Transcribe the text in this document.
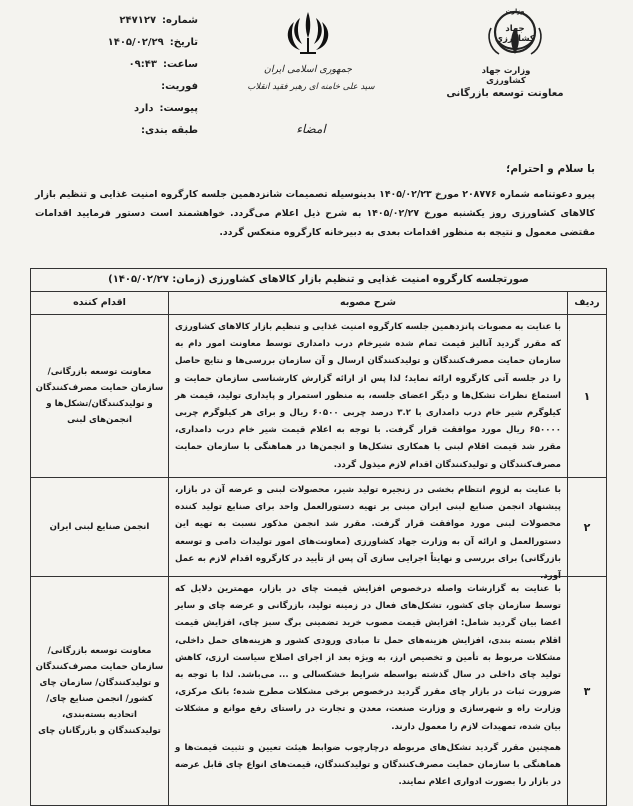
شماره:
۲۴۷۱۲۷
تاریخ:
۱۴۰۵/۰۲/۲۹
ساعت:
۰۹:۴۳
فوریت:
پیوست:
دارد
طبقه بندی:
جمهوری اسلامی ایران
سید علی خامنه ای رهبر فقید انقلاب
امضاء
وزارت
جهاد کشاورزی
وزارت جهاد کشاورزی
معاونت توسعه بازرگانی
با سلام و احترام؛
پیرو دعوتنامه شماره ۲۰۸۷۷۶ مورخ ۱۴۰۵/۰۲/۲۳ بدینوسیله تصمیمات شانزدهمین جلسه کارگروه امنیت غذایی و تنظیم بازار کالاهای کشاورزی روز یکشنبه مورخ ۱۴۰۵/۰۲/۲۷ به شرح ذیل اعلام می‌گردد. خواهشمند است دستور فرمایید اقدامات مقتضی معمول و نتیجه به منظور اقدامات بعدی به دبیرخانه کارگروه منعکس گردد.
صورتجلسه کارگروه امنیت غذایی و تنظیم بازار کالاهای کشاورزی (زمان: ۱۴۰۵/۰۲/۲۷)
ردیف
شرح مصوبه
اقدام کننده
۱
با عنایت به مصوبات پانزدهمین جلسه کارگروه امنیت غذایی و تنظیم بازار کالاهای کشاورزی که مقرر گردید آنالیز قیمت تمام شده شیرخام درب دامداری توسط معاونت امور دام به سازمان حمایت مصرف‌کنندگان و تولیدکنندگان ارسال و آن سازمان بررسی‌ها و نتایج حاصل را در جلسه آتی کارگروه ارائه نماید؛ لذا پس از ارائه گزارش کارشناسی سازمان حمایت و استماع نظرات تشکل‌ها و دیگر اعضای جلسه، به منظور استمرار و پایداری تولید، قیمت هر کیلوگرم شیر خام درب دامداری با ۳.۲ درصد چربی ۶۰۵۰۰ ریال و برای هر کیلوگرم چربی ۶۵۰۰۰۰ ریال مورد موافقت قرار گرفت. با توجه به اعلام قیمت شیر خام درب دامداری، مقرر شد قیمت اقلام لبنی با همکاری تشکل‌ها و انجمن‌ها در هماهنگی با سازمان حمایت مصرف‌کنندگان و تولیدکنندگان اقدام لازم میذول گردد.
معاونت توسعه بازرگانی/سازمان حمایت مصرف‌کنندگان و تولیدکنندگان/تشکل‌ها و انجمن‌های لبنی
۲
با عنایت به لزوم انتظام بخشی در زنجیره تولید شیر، محصولات لبنی و عرضه آن در بازار، پیشنهاد انجمن صنایع لبنی ایران مبنی بر تهیه دستورالعمل واحد برای صنایع تولید کننده محصولات لبنی مورد موافقت قرار گرفت. مقرر شد انجمن مذکور نسبت به تهیه این دستورالعمل و ارائه آن به وزارت جهاد کشاورزی (معاونت‌های امور تولیدات دامی و توسعه بازرگانی) برای بررسی و نهایتاً اجرایی سازی آن پس از تأیید در کارگروه اقدام لازم به عمل آورد.
انجمن صنایع لبنی ایران
۳

با عنایت به گزارشات واصله درخصوص افزایش قیمت چای در بازار، مهمترین دلایل که توسط سازمان چای کشور، تشکل‌های فعال در زمینه تولید، بازرگانی و عرضه چای و سایر اعضا بیان گردید شامل: افزایش قیمت مصوب خرید تضمینی برگ سبز چای، افزایش قیمت اقلام بسته بندی، افزایش هزینه‌های حمل تا مبادی ورودی کشور و هزینه‌های حمل داخلی، مشکلات مربوط به تأمین و تخصیص ارز، به ویژه بعد از اجرای اصلاح سیاست ارزی، کاهش تولید چای داخلی در سال گذشته بواسطه شرایط خشکسالی و ... می‌باشد. لذا با توجه به ضرورت ثبات در بازار چای مقرر گردید درخصوص برخی مشکلات مطرح شده؛ بانک مرکزی، وزارت راه و شهرسازی و وزارت صنعت، معدن و تجارت در راستای رفع موانع و مشکلات بیان شده، تمهیدات لازم را معمول دارند.

همچنین مقرر گردید تشکل‌های مربوطه درچارچوب ضوابط هیئت تعیین و تثبیت قیمت‌ها و هماهنگی با سازمان حمایت مصرف‌کنندگان و تولیدکنندگان، قیمت‌های انواع چای قابل عرضه در بازار را بصورت ادواری اعلام نمایند.

معاونت توسعه بازرگانی/سازمان حمایت مصرف‌کنندگان و تولیدکنندگان/ سازمان چای کشور/ انجمن صنایع چای/اتحادیه بسته‌بندی، تولیدکنندگان و بازرگانان چای
